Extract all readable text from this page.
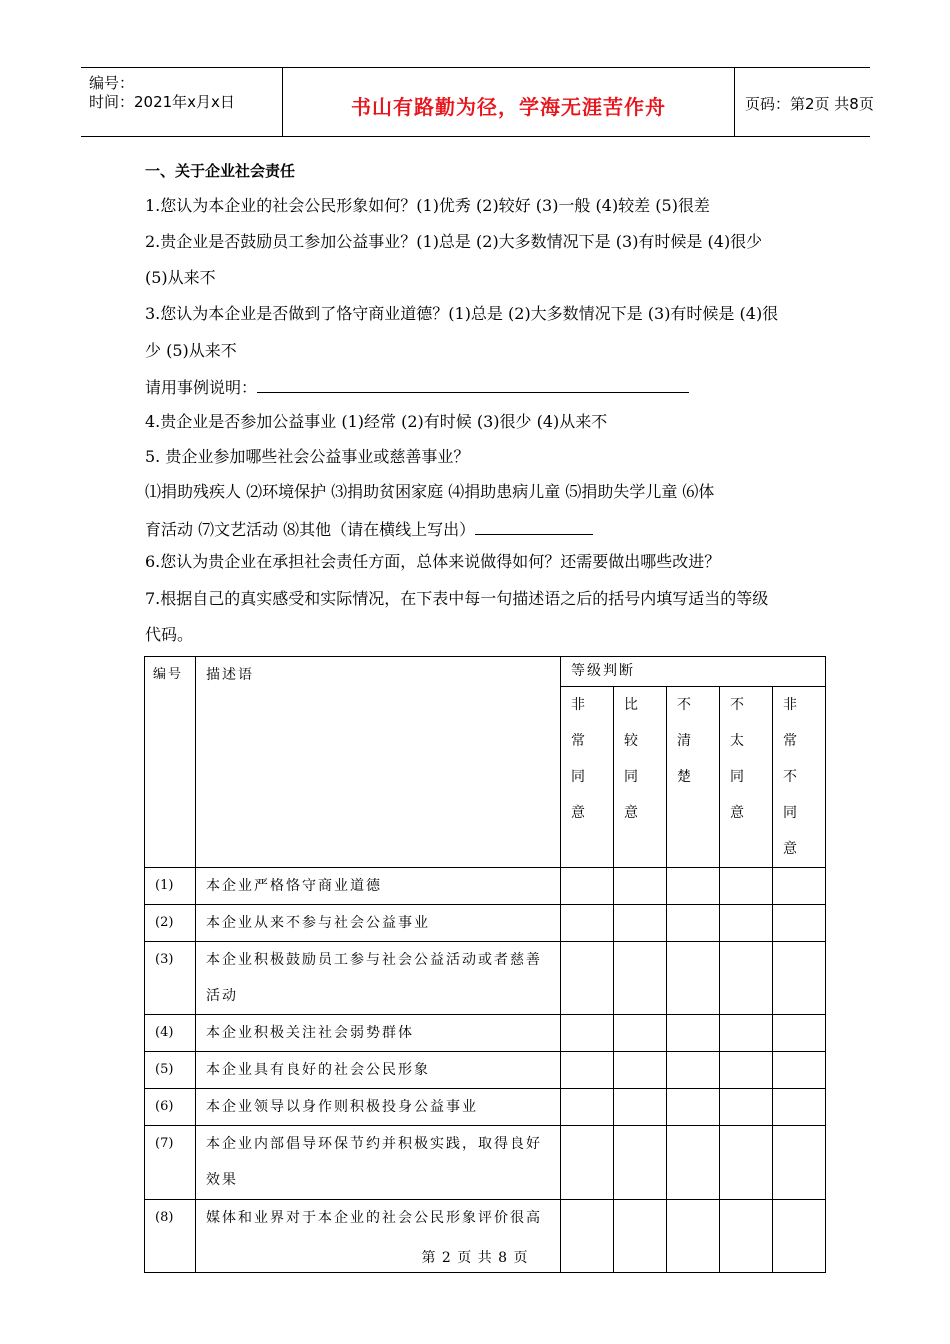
编号：
时间：2021年x月x日	书山有路勤为径，学海无涯苦作舟	页码：第2页 共8页
一、关于企业社会责任
1.您认为本企业的社会公民形象如何？(1)优秀 (2)较好 (3)一般 (4)较差 (5)很差
2.贵企业是否鼓励员工参加公益事业？(1)总是 (2)大多数情况下是 (3)有时候是 (4)很少
(5)从来不
3.您认为本企业是否做到了恪守商业道德？(1)总是 (2)大多数情况下是 (3)有时候是 (4)很
少 (5)从来不
请用事例说明：
4.贵企业是否参加公益事业 (1)经常 (2)有时候 (3)很少 (4)从来不
5. 贵企业参加哪些社会公益事业或慈善事业？
⑴捐助残疾人 ⑵环境保护 ⑶捐助贫困家庭 ⑷捐助患病儿童 ⑸捐助失学儿童 ⑹体
育活动 ⑺文艺活动 ⑻其他（请在横线上写出）
6.您认为贵企业在承担社会责任方面，总体来说做得如何？还需要做出哪些改进？
7.根据自己的真实感受和实际情况，在下表中每一句描述语之后的括号内填写适当的等级
代码。
编号	描述语	等级判断				
		非常同意	比较同意	不清楚	不太同意	非常不同意
(1)	本企业严格恪守商业道德					
(2)	本企业从来不参与社会公益事业					
(3)	本企业积极鼓励员工参与社会公益活动或者慈善活动					
(4)	本企业积极关注社会弱势群体					
(5)	本企业具有良好的社会公民形象					
(6)	本企业领导以身作则积极投身公益事业					
(7)	本企业内部倡导环保节约并积极实践，取得良好效果					
(8)	媒体和业界对于本企业的社会公民形象评价很高					
第 2 页 共 8 页
